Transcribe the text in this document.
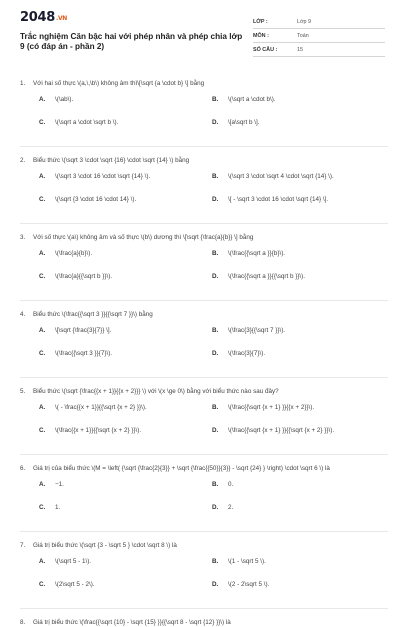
2048.VN
Trắc nghiệm Căn bậc hai với phép nhân và phép chia lớp 9 (có đáp án - phần 2)
LỚP :	Lớp 9
MÔN :	Toán
SỐ CÂU :	15
1. Với hai số thực \(a,\,\b\) không âm thì\[\sqrt {a \cdot b} \] bằng
A. \(\ab\).	B. \(\sqrt a \cdot b\).
C. \(\sqrt a \cdot \sqrt b \).	D. \[a\sqrt b \].
2. Biểu thức \(\sqrt 3 \cdot \sqrt {16} \cdot \sqrt {14} \) bằng
A. \(\sqrt 3 \cdot 16 \cdot \sqrt {14} \).	B. \(\sqrt 3 \cdot \sqrt 4 \cdot \sqrt {14} \).
C. \(\sqrt {3 \cdot 16 \cdot 14} \).	D. \[ - \sqrt 3 \cdot 16 \cdot \sqrt {14} \].
3. Với số thực \(a\) không âm và số thực \(b\) dương thì \[\sqrt {\frac{a}{b}} \] bằng
A. \(\frac{a}{b}\).	B. \(\frac{{\sqrt a }}{b}\).
C. \(\frac{a}{{\sqrt b }}\).	D. \(\frac{{\sqrt a }}{{\sqrt b }}\).
4. Biểu thức \(\frac{{\sqrt 3 }}{{\sqrt 7 }}\) bằng
A. \[\sqrt {\frac{3}{7}} \].	B. \(\frac{3}{{\sqrt 7 }}\).
C. \(\frac{{\sqrt 3 }}{7}\).	D. \(\frac{3}{7}\).
5. Biểu thức \(\sqrt {\frac{{x + 1}}{{x + 2}}} \) với \(x \ge 0\) bằng với biểu thức nào sau đây?
A. \( - \frac{{x + 1}}{{\sqrt {x + 2} }}\).	B. \(\frac{{\sqrt {x + 1} }}{{x + 2}}\).
C. \(\frac{{x + 1}}{{\sqrt {x + 2} }}\).	D. \(\frac{{\sqrt {x + 1} }}{{\sqrt {x + 2} }}\).
6. Giá trị của biểu thức \(M = \left( {\sqrt {\frac{2}{3}} + \sqrt {\frac{{50}}{3}} - \sqrt {24} } \right) \cdot \sqrt 6 \) là
A. −1.	B. 0.
C. 1.	D. 2.
7. Giá trị biểu thức \(\sqrt {3 - \sqrt 5 } \cdot \sqrt 8 \) là
A. \(\sqrt 5 - 1\).	B. \(1 - \sqrt 5 \).
C. \(2\sqrt 5 - 2\).	D. \(2 - 2\sqrt 5 \).
8. Giá trị biểu thức \(\frac{{\sqrt {10} - \sqrt {15} }}{{\sqrt 8 - \sqrt {12} }}\) là
